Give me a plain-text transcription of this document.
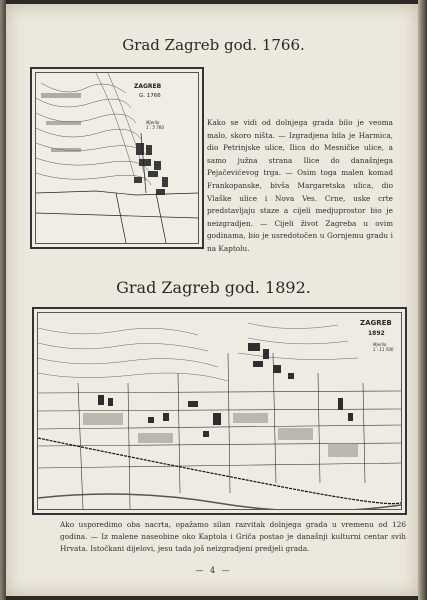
Grad Zagreb god. 1766.
ZAGREB
G. 1766
Mjerilo
1 : 5 760
Kako se vidi od dolnjega grada bilo je veoma malo, skoro ništa. — Izgradjena bila je Harmica, dio Petrinjske ulice, Ilica do Mesničke ulice, a samo južna strana Ilice do današnjega Pejačevićevog trga. — Osim toga malen komad Frankopanske, bivša Margaretska ulica, dio Vlaške ulice i Nova Ves. Crne, uske crte predstavljaju staze a cijeli medjuprostor bio je neizgradjen. — Cijeli život Zagreba u ovim godinama, bio je usredotočen u Gornjemu gradu i na Kaptolu.
Grad Zagreb god. 1892.
ZAGREB
1892
Mjerilo
1 : 11 500
Ako usporedimo oba nacrta, opažamo silan razvitak dolnjega grada u vremenu od 126 godina. — Iz malene naseobine oko Kaptola i Griča postao je današnji kulturni centar svih Hrvata. Istočkani dijelovi, jesu tada još neizgradjeni predjeli grada.
— 4 —
